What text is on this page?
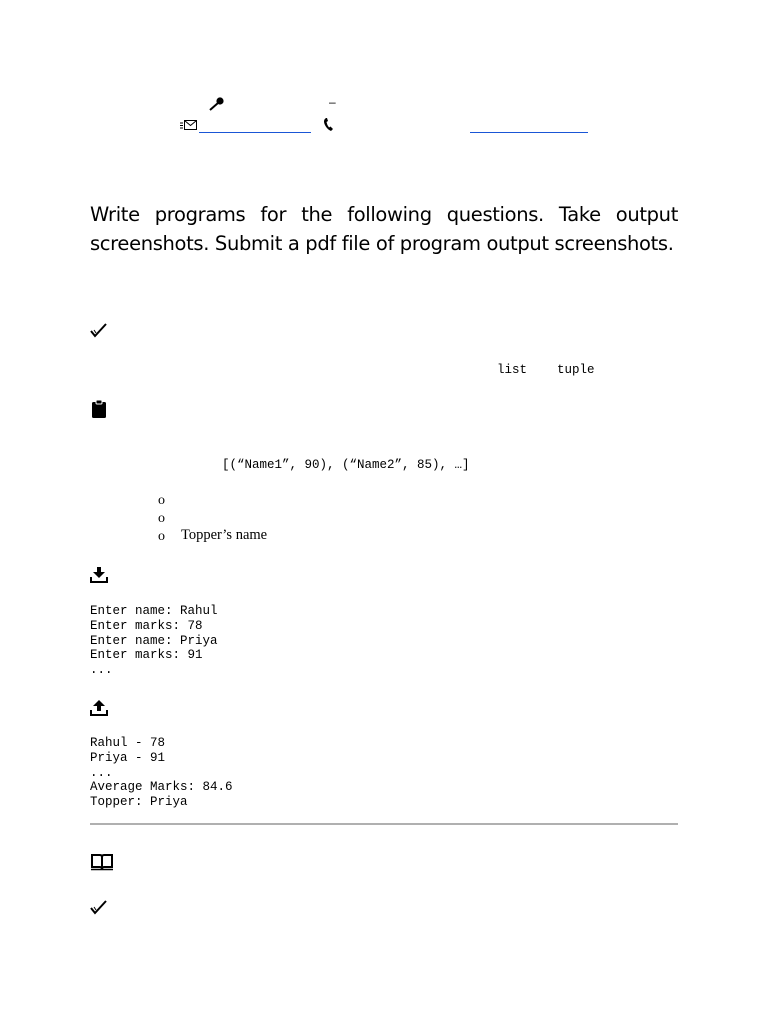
–
Write programs for the following questions. Take output screenshots. Submit a pdf file of program output screenshots.
list tuple
[(“Name1”, 90), (“Name2”, 85), …]
o
o
o Topper’s name
Enter name: Rahul
Enter marks: 78
Enter name: Priya
Enter marks: 91
...
Rahul - 78
Priya - 91
...
Average Marks: 84.6
Topper: Priya
